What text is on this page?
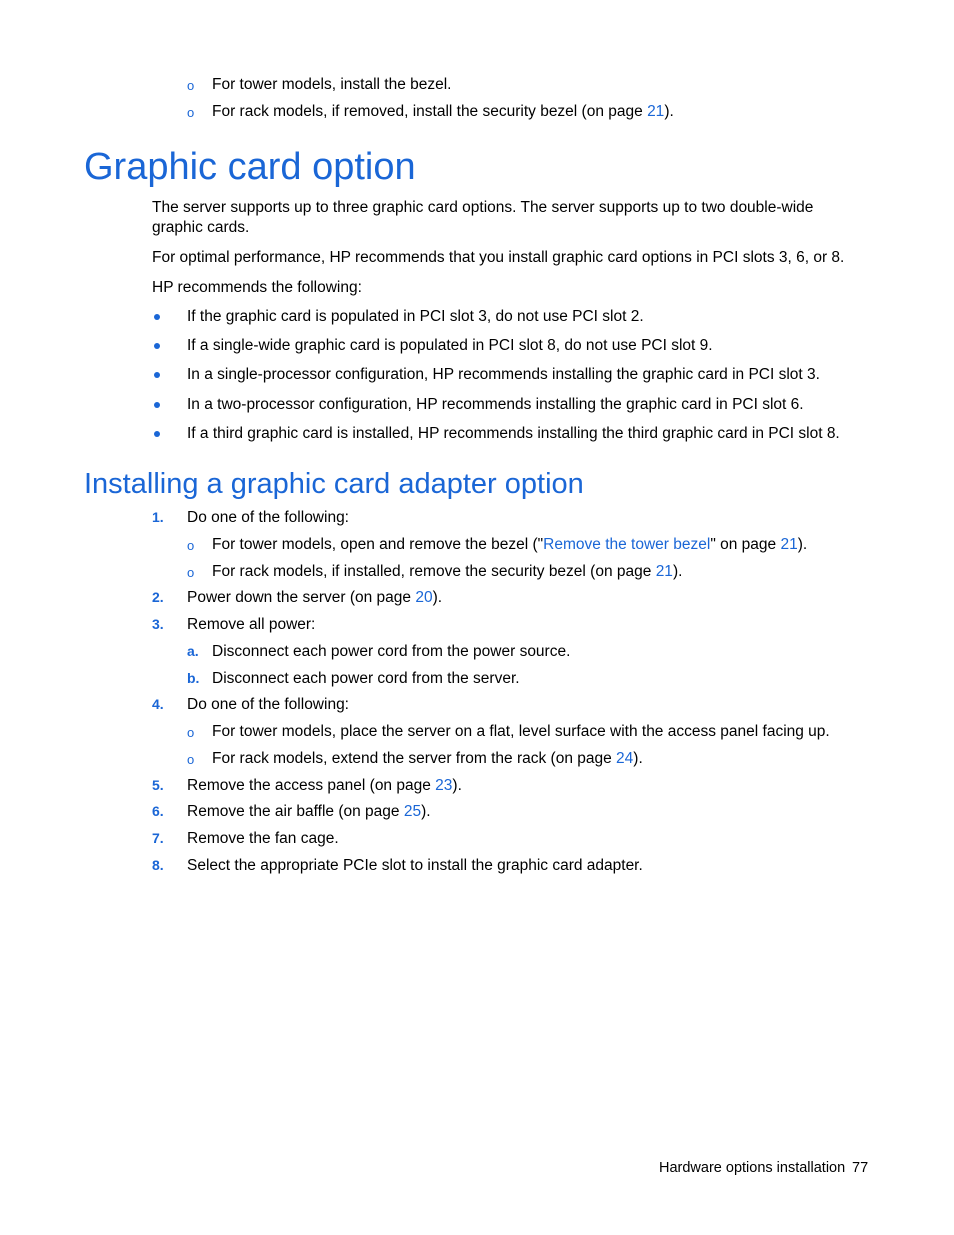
o For tower models, install the bezel.
o For rack models, if removed, install the security bezel (on page 21).
Graphic card option
The server supports up to three graphic card options. The server supports up to two double-wide graphic cards.
For optimal performance, HP recommends that you install graphic card options in PCI slots 3, 6, or 8.
HP recommends the following:
If the graphic card is populated in PCI slot 3, do not use PCI slot 2.
If a single-wide graphic card is populated in PCI slot 8, do not use PCI slot 9.
In a single-processor configuration, HP recommends installing the graphic card in PCI slot 3.
In a two-processor configuration, HP recommends installing the graphic card in PCI slot 6.
If a third graphic card is installed, HP recommends installing the third graphic card in PCI slot 8.
Installing a graphic card adapter option
1. Do one of the following:
o For tower models, open and remove the bezel ("Remove the tower bezel" on page 21).
o For rack models, if installed, remove the security bezel (on page 21).
2. Power down the server (on page 20).
3. Remove all power:
a. Disconnect each power cord from the power source.
b. Disconnect each power cord from the server.
4. Do one of the following:
o For tower models, place the server on a flat, level surface with the access panel facing up.
o For rack models, extend the server from the rack (on page 24).
5. Remove the access panel (on page 23).
6. Remove the air baffle (on page 25).
7. Remove the fan cage.
8. Select the appropriate PCIe slot to install the graphic card adapter.
Hardware options installation 77
